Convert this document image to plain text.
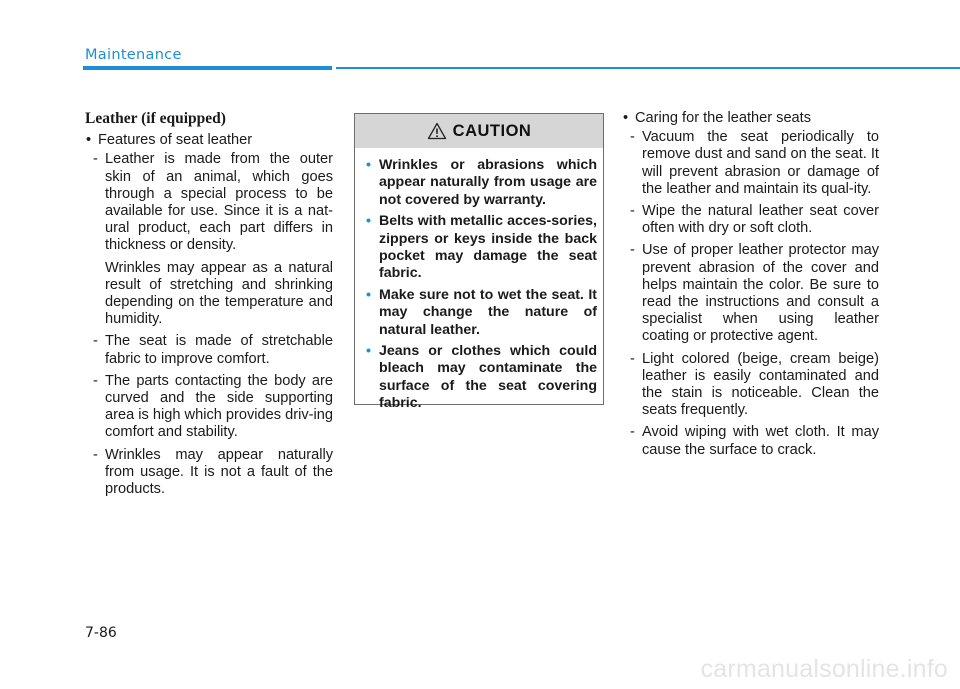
Maintenance
Leather (if equipped)
• Features of seat leather
- Leather is made from the outer skin of an animal, which goes through a special process to be available for use. Since it is a nat-ural product, each part differs in thickness or density.
Wrinkles may appear as a natural result of stretching and shrinking depending on the temperature and humidity.
- The seat is made of stretchable fabric to improve comfort.
- The parts contacting the body are curved and the side supporting area is high which provides driv-ing comfort and stability.
- Wrinkles may appear naturally from usage. It is not a fault of the products.
CAUTION
• Wrinkles or abrasions which appear naturally from usage are not covered by warranty.
• Belts with metallic acces-sories, zippers or keys inside the back pocket may damage the seat fabric.
• Make sure not to wet the seat. It may change the nature of natural leather.
• Jeans or clothes which could bleach may contaminate the surface of the seat covering fabric.
• Caring for the leather seats
- Vacuum the seat periodically to remove dust and sand on the seat. It will prevent abrasion or damage of the leather and maintain its qual-ity.
- Wipe the natural leather seat cover often with dry or soft cloth.
- Use of proper leather protector may prevent abrasion of the cover and helps maintain the color. Be sure to read the instructions and consult a specialist when using leather coating or protective agent.
- Light colored (beige, cream beige) leather is easily contaminated and the stain is noticeable. Clean the seats frequently.
- Avoid wiping with wet cloth. It may cause the surface to crack.
7-86
carmanualsonline.info
